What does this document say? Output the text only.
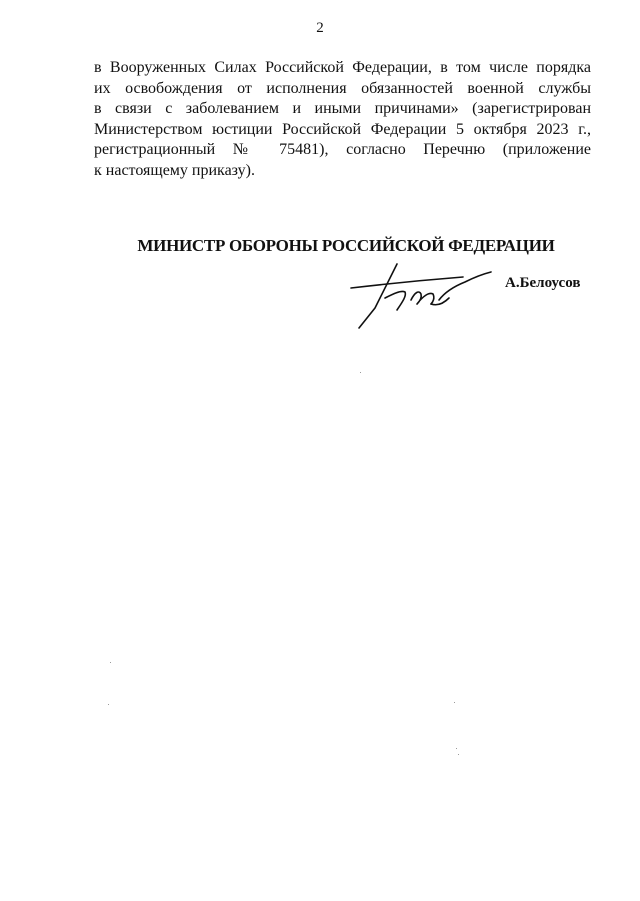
2
в Вооруженных Силах Российской Федерации, в том числе порядка
их освобождения от исполнения обязанностей военной службы
в связи с заболеванием и иными причинами» (зарегистрирован
Министерством юстиции Российской Федерации 5 октября 2023 г.,
регистрационный № 75481), согласно Перечню (приложение
к настоящему приказу).
МИНИСТР ОБОРОНЫ РОССИЙСКОЙ ФЕДЕРАЦИИ
А.Белоусов
